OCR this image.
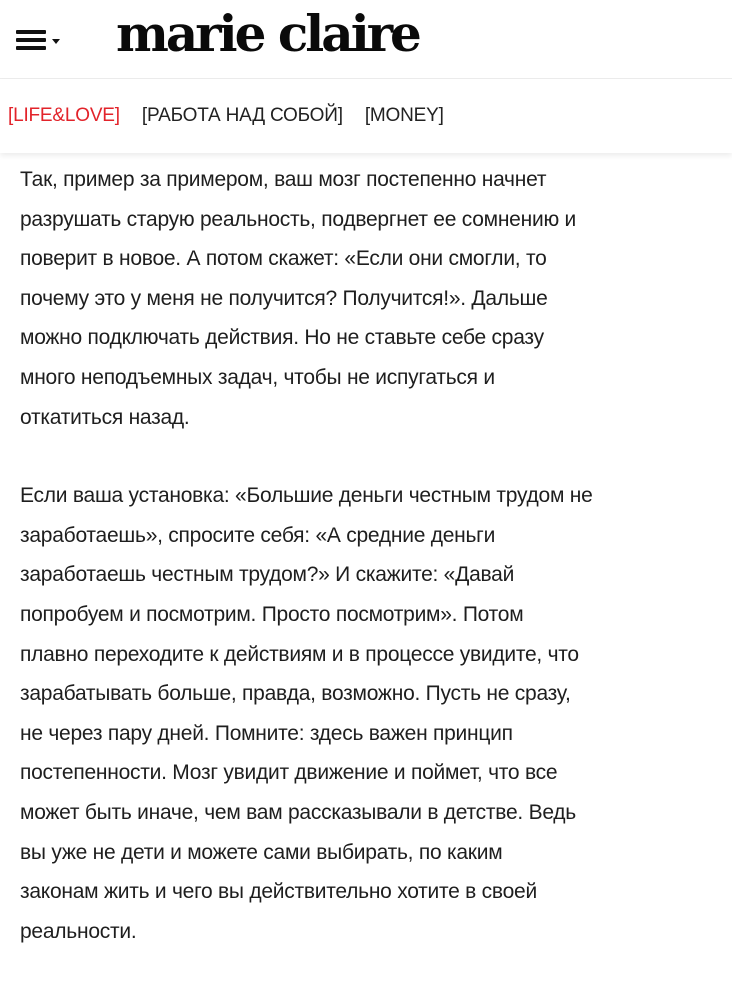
marie claire
[LIFE&LOVE] [РАБОТА НАД СОБОЙ] [MONEY]

Так, пример за примером, ваш мозг постепенно начнет
разрушать старую реальность, подвергнет ее сомнению и
поверит в новое. А потом скажет: «Если они смогли, то
почему это у меня не получится? Получится!». Дальше
можно подключать действия. Но не ставьте себе сразу
много неподъемных задач, чтобы не испугаться и
откатиться назад.

Если ваша установка: «Большие деньги честным трудом не
заработаешь», спросите себя: «А средние деньги
заработаешь честным трудом?» И скажите: «Давай
попробуем и посмотрим. Просто посмотрим». Потом
плавно переходите к действиям и в процессе увидите, что
зарабатывать больше, правда, возможно. Пусть не сразу,
не через пару дней. Помните: здесь важен принцип
постепенности. Мозг увидит движение и поймет, что все
может быть иначе, чем вам рассказывали в детстве. Ведь
вы уже не дети и можете сами выбирать, по каким
законам жить и чего вы действительно хотите в своей
реальности.
